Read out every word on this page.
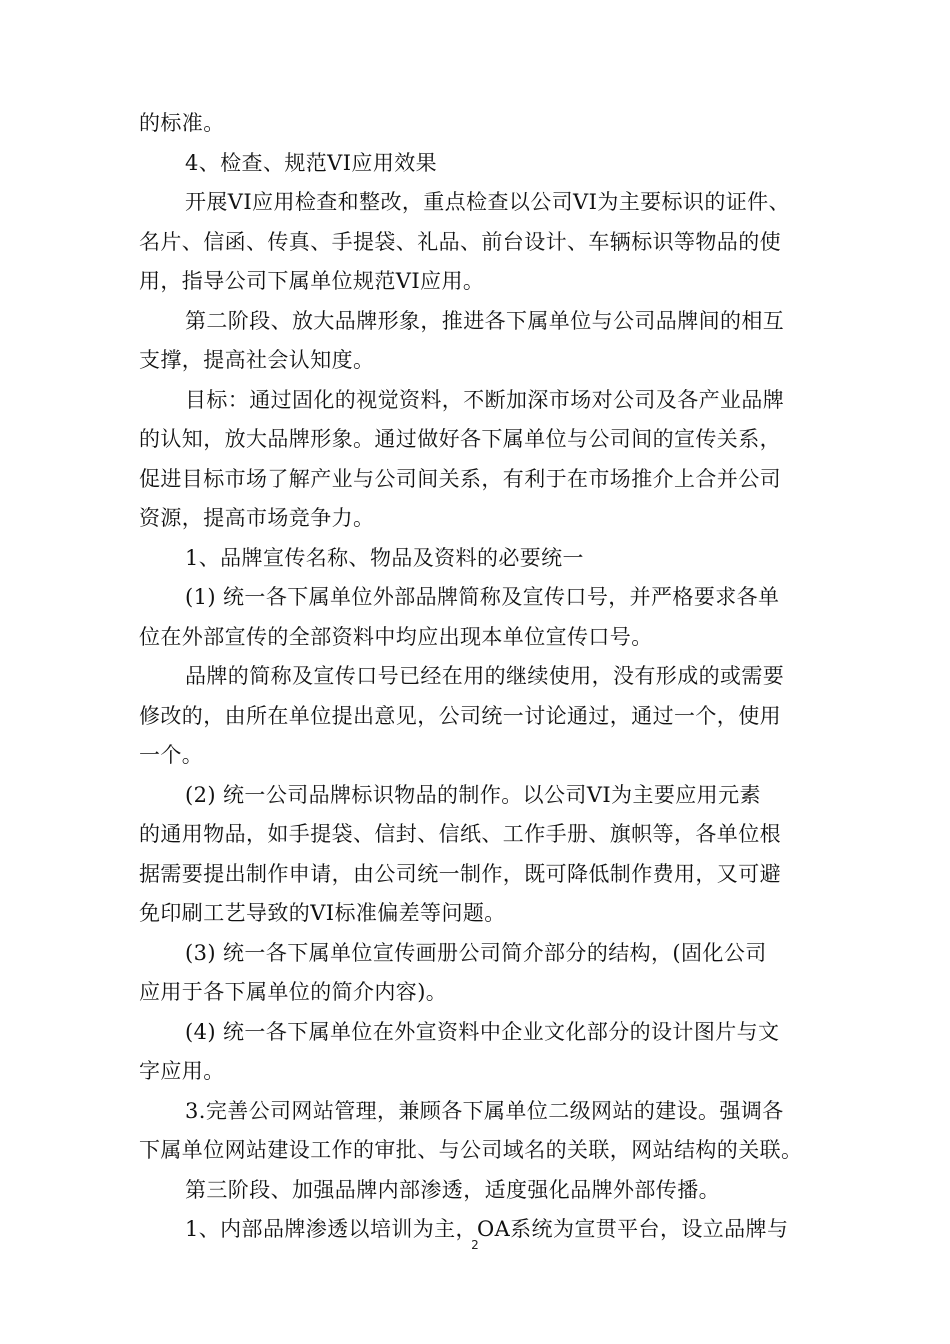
的标准。
4、检查、规范VI应用效果
开展VI应用检查和整改，重点检查以公司VI为主要标识的证件、
名片、信函、传真、手提袋、礼品、前台设计、车辆标识等物品的使
用，指导公司下属单位规范VI应用。
第二阶段、放大品牌形象，推进各下属单位与公司品牌间的相互
支撑，提高社会认知度。
目标：通过固化的视觉资料，不断加深市场对公司及各产业品牌
的认知，放大品牌形象。通过做好各下属单位与公司间的宣传关系，
促进目标市场了解产业与公司间关系，有利于在市场推介上合并公司
资源，提高市场竞争力。
1、品牌宣传名称、物品及资料的必要统一
(1) 统一各下属单位外部品牌简称及宣传口号，并严格要求各单
位在外部宣传的全部资料中均应出现本单位宣传口号。
品牌的简称及宣传口号已经在用的继续使用，没有形成的或需要
修改的，由所在单位提出意见，公司统一讨论通过，通过一个，使用
一个。
(2) 统一公司品牌标识物品的制作。以公司VI为主要应用元素
的通用物品，如手提袋、信封、信纸、工作手册、旗帜等，各单位根
据需要提出制作申请，由公司统一制作，既可降低制作费用，又可避
免印刷工艺导致的VI标准偏差等问题。
(3) 统一各下属单位宣传画册公司简介部分的结构，(固化公司
应用于各下属单位的简介内容)。
(4) 统一各下属单位在外宣资料中企业文化部分的设计图片与文
字应用。
3.完善公司网站管理，兼顾各下属单位二级网站的建设。强调各
下属单位网站建设工作的审批、与公司域名的关联，网站结构的关联。
第三阶段、加强品牌内部渗透，适度强化品牌外部传播。
1、内部品牌渗透以培训为主，OA系统为宣贯平台，设立品牌与
2
